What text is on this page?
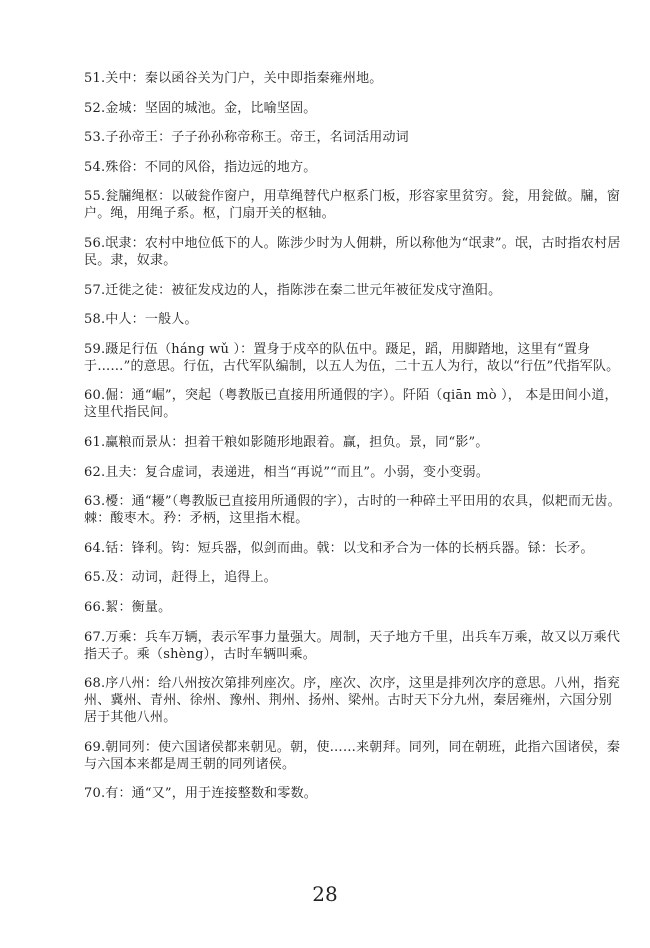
51.关中：秦以函谷关为门户，关中即指秦雍州地。

52.金城：坚固的城池。金，比喻坚固。

53.子孙帝王：子子孙孙称帝称王。帝王，名词活用动词

54.殊俗：不同的风俗，指边远的地方。

55.瓮牖绳枢：以破瓮作窗户，用草绳替代户枢系门板，形容家里贫穷。瓮，用瓮做。牖，窗户。绳，用绳子系。枢，门扇开关的枢轴。

56.氓隶：农村中地位低下的人。陈涉少时为人佣耕，所以称他为“氓隶”。氓，古时指农村居民。隶，奴隶。

57.迁徙之徒：被征发戍边的人，指陈涉在秦二世元年被征发戍守渔阳。

58.中人：一般人。

59.蹑足行伍（háng wǔ ）：置身于戍卒的队伍中。蹑足，蹈，用脚踏地，这里有“置身于……”的意思。行伍，古代军队编制，以五人为伍，二十五人为行，故以“行伍”代指军队。

60.倔：通“崛”，突起（粤教版已直接用所通假的字）。阡陌（qiān mò ）， 本是田间小道，这里代指民间。

61.赢粮而景从：担着干粮如影随形地跟着。赢，担负。景，同“影”。

62.且夫：复合虚词，表递进，相当“再说”“而且”。小弱，变小变弱。

63.櫌：通“耰”（粤教版已直接用所通假的字），古时的一种碎土平田用的农具，似耙而无齿。棘：酸枣木。矜：矛柄，这里指木棍。

64.铦：锋利。钩：短兵器，似剑而曲。戟：以戈和矛合为一体的长柄兵器。铩：长矛。

65.及：动词，赶得上，追得上。

66.絜：衡量。

67.万乘：兵车万辆，表示军事力量强大。周制，天子地方千里，出兵车万乘，故又以万乘代指天子。乘（shèng），古时车辆叫乘。

68.序八州：给八州按次第排列座次。序，座次、次序，这里是排列次序的意思。八州，指兖州、冀州、青州、徐州、豫州、荆州、扬州、梁州。古时天下分九州，秦居雍州，六国分别居于其他八州。

69.朝同列：使六国诸侯都来朝见。朝，使……来朝拜。同列，同在朝班，此指六国诸侯，秦与六国本来都是周王朝的同列诸侯。

70.有：通“又”，用于连接整数和零数。

28
